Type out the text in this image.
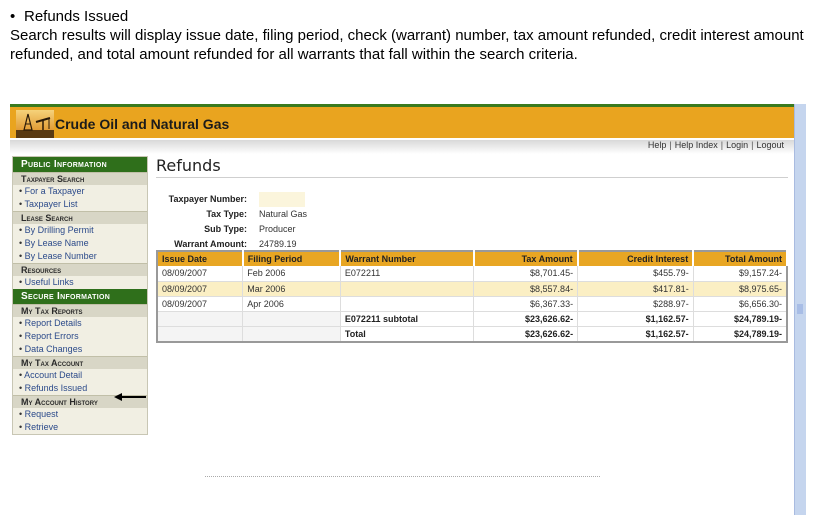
• Refunds Issued
Search results will display issue date, filing period, check (warrant) number, tax amount refunded, credit interest amount refunded, and total amount refunded for all warrants that fall within the search criteria.
Crude Oil and Natural Gas
Help | Help Index | Login | Logout
Public Information
Taxpayer Search
• For a Taxpayer
• Taxpayer List
Lease Search
• By Drilling Permit
• By Lease Name
• By Lease Number
Resources
• Useful Links
Secure Information
My Tax Reports
• Report Details
• Report Errors
• Data Changes
My Tax Account
• Account Detail
• Refunds Issued
My Account History
• Request
• Retrieve
Refunds
Taxpayer Number:
Tax Type:	Natural Gas
Sub Type:	Producer
Warrant Amount:	24789.19
Issue Date	Filing Period	Warrant Number	Tax Amount	Credit Interest	Total Amount
08/09/2007	Feb 2006	E072211	$8,701.45-	$455.79-	$9,157.24-
08/09/2007	Mar 2006		$8,557.84-	$417.81-	$8,975.65-
08/09/2007	Apr 2006		$6,367.33-	$288.97-	$6,656.30-
		E072211 subtotal	$23,626.62-	$1,162.57-	$24,789.19-
		Total	$23,626.62-	$1,162.57-	$24,789.19-
